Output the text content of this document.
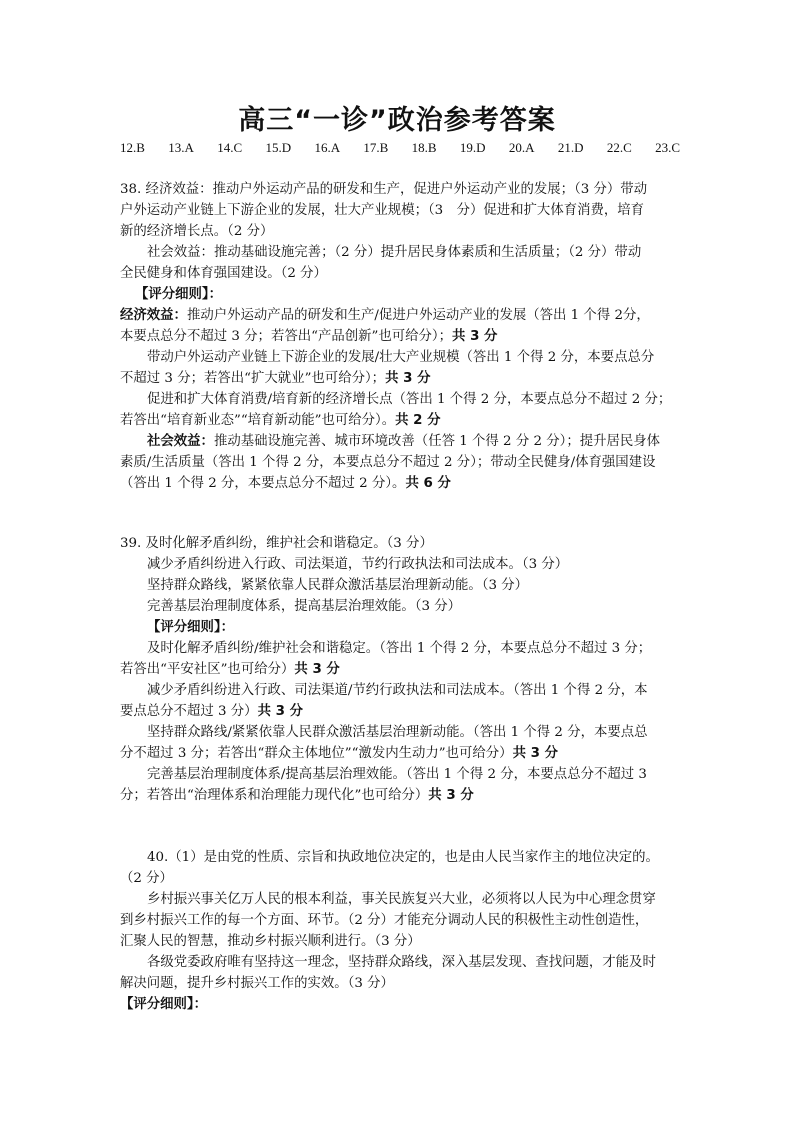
高三“一诊”政治参考答案
12.B 13.A 14.C 15.D 16.A 17.B 18.B 19.D 20.A 21.D 22.C 23.C
38. 经济效益：推动户外运动产品的研发和生产，促进户外运动产业的发展；（3 分）带动
户外运动产业链上下游企业的发展，壮大产业规模；（3　分）促进和扩大体育消费，培育
新的经济增长点。（2 分）
社会效益：推动基础设施完善；（2 分）提升居民身体素质和生活质量；（2 分）带动
全民健身和体育强国建设。（2 分）
【评分细则】：
经济效益：推动户外运动产品的研发和生产/促进户外运动产业的发展（答出 1 个得 2分，
本要点总分不超过 3 分；若答出“产品创新”也可给分）；共 3 分
带动户外运动产业链上下游企业的发展/壮大产业规模（答出 1 个得 2 分，本要点总分
不超过 3 分；若答出“扩大就业”也可给分）；共 3 分
促进和扩大体育消费/培育新的经济增长点（答出 1 个得 2 分，本要点总分不超过 2 分；
若答出“培育新业态”“培育新动能”也可给分）。共 2 分
社会效益：推动基础设施完善、城市环境改善（任答 1 个得 2 分 2 分）；提升居民身体
素质/生活质量（答出 1 个得 2 分，本要点总分不超过 2 分）；带动全民健身/体育强国建设
（答出 1 个得 2 分，本要点总分不超过 2 分）。共 6 分
39. 及时化解矛盾纠纷，维护社会和谐稳定。（3 分）
减少矛盾纠纷进入行政、司法渠道，节约行政执法和司法成本。（3 分）
坚持群众路线，紧紧依靠人民群众激活基层治理新动能。（3 分）
完善基层治理制度体系，提高基层治理效能。（3 分）
【评分细则】：
及时化解矛盾纠纷/维护社会和谐稳定。（答出 1 个得 2 分，本要点总分不超过 3 分；
若答出“平安社区”也可给分）共 3 分
减少矛盾纠纷进入行政、司法渠道/节约行政执法和司法成本。（答出 1 个得 2 分，本
要点总分不超过 3 分）共 3 分
坚持群众路线/紧紧依靠人民群众激活基层治理新动能。（答出 1 个得 2 分，本要点总
分不超过 3 分；若答出“群众主体地位”“激发内生动力”也可给分）共 3 分
完善基层治理制度体系/提高基层治理效能。（答出 1 个得 2 分，本要点总分不超过 3
分；若答出“治理体系和治理能力现代化”也可给分）共 3 分
40.（1）是由党的性质、宗旨和执政地位决定的，也是由人民当家作主的地位决定的。
（2 分）
乡村振兴事关亿万人民的根本利益，事关民族复兴大业，必须将以人民为中心理念贯穿
到乡村振兴工作的每一个方面、环节。（2 分）才能充分调动人民的积极性主动性创造性，
汇聚人民的智慧，推动乡村振兴顺利进行。（3 分）
各级党委政府唯有坚持这一理念，坚持群众路线，深入基层发现、查找问题，才能及时
解决问题，提升乡村振兴工作的实效。（3 分）
【评分细则】：
